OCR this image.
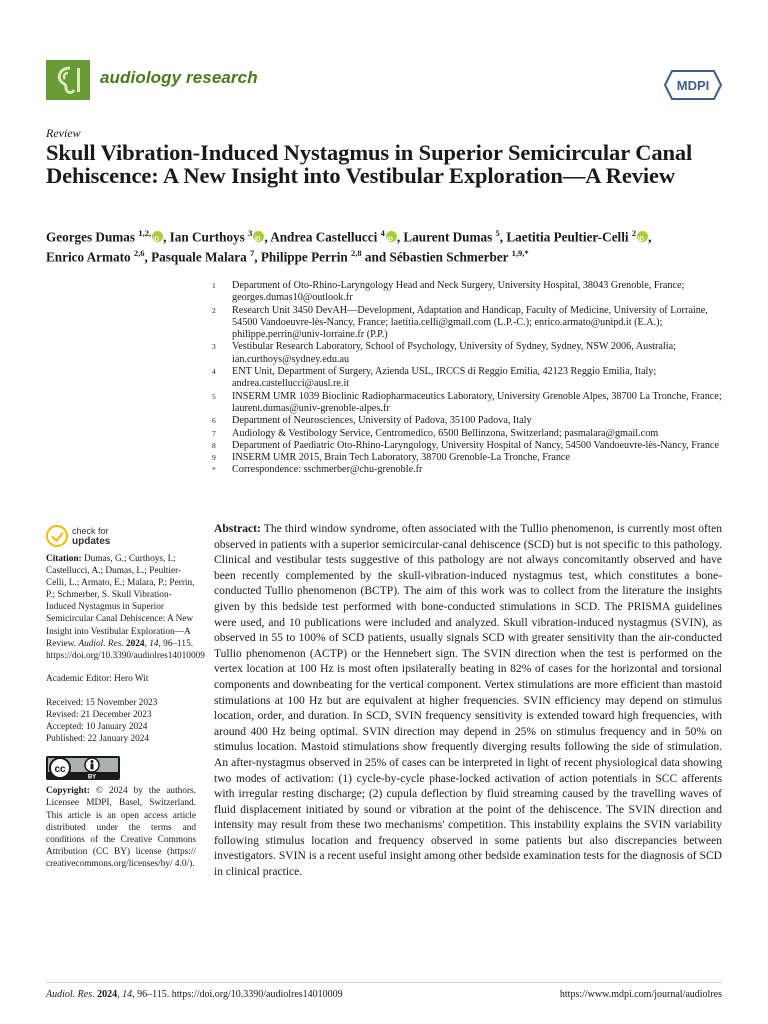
audiology research	MDPI
Review
Skull Vibration-Induced Nystagmus in Superior Semicircular Canal Dehiscence: A New Insight into Vestibular Exploration—A Review
Georges Dumas $^{1,2,}$ iD , Ian Curthoys $^3$ iD , Andrea Castellucci $^4$ iD , Laurent Dumas $^5$, Laetitia Peultier-Celli $^2$ iD ,
Enrico Armato $^{2,6}$, Pasquale Malara $^7$, Philippe Perrin $^{2,8}$ and Sébastien Schmerber $^{1,9,*}$
1	Department of Oto-Rhino-Laryngology Head and Neck Surgery, University Hospital, 38043 Grenoble, France; georges.dumas10@outlook.fr
2	Research Unit 3450 DevAH—Development, Adaptation and Handicap, Faculty of Medicine, University of Lorraine, 54500 Vandoeuvre-lès-Nancy, France; laetitia.celli@gmail.com (L.P.-C.); enrico.armato@unipd.it (E.A.); philippe.perrin@univ-lorraine.fr (P.P.)
3	Vestibular Research Laboratory, School of Psychology, University of Sydney, Sydney, NSW 2006, Australia; ian.curthoys@sydney.edu.au
4	ENT Unit, Department of Surgery, Azienda USL, IRCCS di Reggio Emilia, 42123 Reggio Emilia, Italy; andrea.castellucci@ausl.re.it
5	INSERM UMR 1039 Bioclinic Radiopharmaceutics Laboratory, University Grenoble Alpes, 38700 La Tronche, France; laurent.dumas@univ-grenoble-alpes.fr
6	Department of Neurosciences, University of Padova, 35100 Padova, Italy
7	Audiology & Vestibology Service, Centromedico, 6500 Bellinzona, Switzerland; pasmalara@gmail.com
8	Department of Paediatric Oto-Rhino-Laryngology, University Hospital of Nancy, 54500 Vandoeuvre-lès-Nancy, France
9	INSERM UMR 2015, Brain Tech Laboratory, 38700 Grenoble-La Tronche, France
*	Correspondence: sschmerber@chu-grenoble.fr
check for
updates

Citation: Dumas, G.; Curthoys, I.; Castellucci, A.; Dumas, L.; Peultier-Celli, L.; Armato, E.; Malara, P.; Perrin, P.; Schmerber, S. Skull Vibration-Induced Nystagmus in Superior Semicircular Canal Dehiscence: A New Insight into Vestibular Exploration—A Review. Audiol. Res. 2024, 14, 96–115. https://doi.org/10.3390/audiolres14010009

Academic Editor: Hero Wit

Received: 15 November 2023

Revised: 21 December 2023

Accepted: 10 January 2024

Published: 22 January 2024

cc
BY

Copyright: © 2024 by the authors. Licensee MDPI, Basel, Switzerland. This article is an open access article distributed under the terms and conditions of the Creative Commons Attribution (CC BY) license (https:// creativecommons.org/licenses/by/ 4.0/).

Abstract: The third window syndrome, often associated with the Tullio phenomenon, is currently most often observed in patients with a superior semicircular-canal dehiscence (SCD) but is not specific to this pathology. Clinical and vestibular tests suggestive of this pathology are not always concomitantly observed and have been recently complemented by the skull-vibration-induced nystagmus test, which constitutes a bone-conducted Tullio phenomenon (BCTP). The aim of this work was to collect from the literature the insights given by this bedside test performed with bone-conducted stimulations in SCD. The PRISMA guidelines were used, and 10 publications were included and analyzed. Skull vibration-induced nystagmus (SVIN), as observed in 55 to 100% of SCD patients, usually signals SCD with greater sensitivity than the air-conducted Tullio phenomenon (ACTP) or the Hennebert sign. The SVIN direction when the test is performed on the vertex location at 100 Hz is most often ipsilaterally beating in 82% of cases for the horizontal and torsional components and downbeating for the vertical component. Vertex stimulations are more efficient than mastoid stimulations at 100 Hz but are equivalent at higher frequencies. SVIN efficiency may depend on stimulus location, order, and duration. In SCD, SVIN frequency sensitivity is extended toward high frequencies, with around 400 Hz being optimal. SVIN direction may depend in 25% on stimulus frequency and in 50% on stimulus location. Mastoid stimulations show frequently diverging results following the side of stimulation. An after-nystagmus observed in 25% of cases can be interpreted in light of recent physiological data showing two modes of activation: (1) cycle-by-cycle phase-locked activation of action potentials in SCC afferents with irregular resting discharge; (2) cupula deflection by fluid streaming caused by the travelling waves of fluid displacement initiated by sound or vibration at the point of the dehiscence. The SVIN direction and intensity may result from these two mechanisms' competition. This instability explains the SVIN variability following stimulus location and frequency observed in some patients but also discrepancies between investigators. SVIN is a recent useful insight among other bedside examination tests for the diagnosis of SCD in clinical practice.

Audiol. Res. 2024, 14, 96–115. https://doi.org/10.3390/audiolres14010009	https://www.mdpi.com/journal/audiolres
